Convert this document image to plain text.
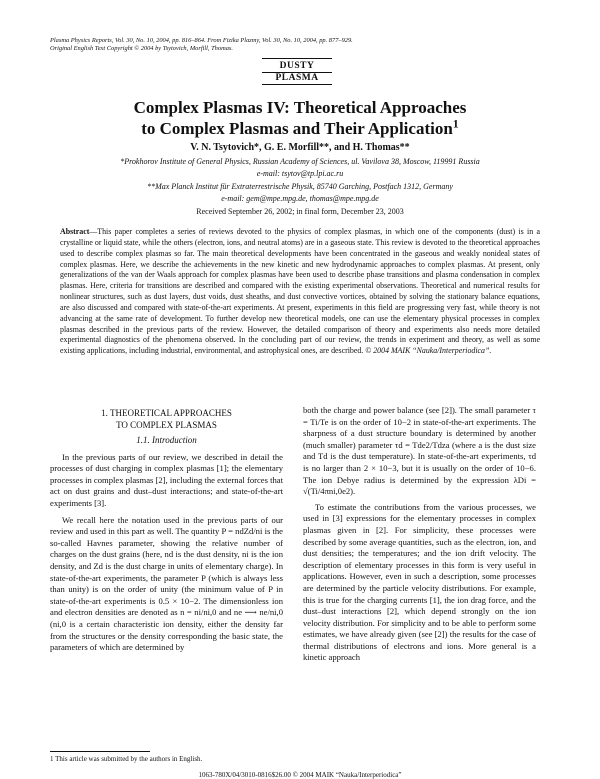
Plasma Physics Reports, Vol. 30, No. 10, 2004, pp. 816–864. From Fizika Plazmy, Vol. 30, No. 10, 2004, pp. 877–929.
Original English Text Copyright © 2004 by Tsytovich, Morfill, Thomas.
DUSTY
PLASMA
Complex Plasmas IV: Theoretical Approaches
to Complex Plasmas and Their Application$^1$
V. N. Tsytovich*, G. E. Morfill**, and H. Thomas**
*Prokhorov Institute of General Physics, Russian Academy of Sciences, ul. Vavilova 38, Moscow, 119991 Russia
e-mail: tsytov@tp.lpi.ac.ru
**Max Planck Institut für Extraterrestrische Physik, 85740 Garching, Postfach 1312, Germany
e-mail: gem@mpe.mpg.de, thomas@mpe.mpg.de
Received September 26, 2002; in final form, December 23, 2003
Abstract—This paper completes a series of reviews devoted to the physics of complex plasmas, in which one of the components (dust) is in a crystalline or liquid state, while the others (electron, ions, and neutral atoms) are in a gaseous state. This review is devoted to the theoretical approaches used to describe complex plasmas so far. The main theoretical developments have been concentrated in the gaseous and weakly nonideal states of complex plasmas. Here, we describe the achievements in the new kinetic and new hydrodynamic approaches to complex plasmas. At present, only generalizations of the van der Waals approach for complex plasmas have been used to describe phase transitions and plasma condensation in complex plasmas. Here, criteria for transitions are described and compared with the existing experimental observations. Theoretical and numerical results for nonlinear structures, such as dust layers, dust voids, dust sheaths, and dust convective vortices, obtained by solving the stationary balance equations, are also discussed and compared with state-of-the-art experiments. At present, experiments in this field are progressing very fast, while theory is not advancing at the same rate of development. To further develop new theoretical models, one can use the elementary physical processes in complex plasmas described in the previous parts of the review. However, the detailed comparison of theory and experiments also needs more detailed experimental diagnostics of the phenomena observed. In the concluding part of our review, the trends in experiment and theory, as well as some existing applications, including industrial, environmental, and astrophysical ones, are described. © 2004 MAIK “Nauka/Interperiodica”.
1. THEORETICAL APPROACHES
TO COMPLEX PLASMAS
1.1. Introduction

In the previous parts of our review, we described in detail the processes of dust charging in complex plasmas [1]; the elementary processes in complex plasmas [2], including the external forces that act on dust grains and dust–dust interactions; and state-of-the-art experiments [3].

We recall here the notation used in the previous parts of our review and used in this part as well. The quantity P = ndZd/ni is the so-called Havnes parameter, showing the relative number of charges on the dust grains (here, nd is the dust density, ni is the ion density, and Zd is the dust charge in units of elementary charge). In state-of-the-art experiments, the parameter P (which is always less than unity) is on the order of unity (the minimum value of P in state-of-the-art experiments is 0.5 × 10−2. The dimensionless ion and electron densities are denoted as n = ni/ni,0 and ne ⟶ ne/ni,0 (ni,0 is a certain characteristic ion density, either the density far from the structures or the density corresponding the basic state, the parameters of which are determined by

both the charge and power balance (see [2]). The small parameter τ = Ti/Te is on the order of 10−2 in state-of-the-art experiments. The sharpness of a dust structure boundary is determined by another (much smaller) parameter τd = Tde2/Tdza (where a is the dust size and Td is the dust temperature). In state-of-the-art experiments, τd is no larger than 2 × 10−3, but it is usually on the order of 10−6. The ion Debye radius is determined by the expression λDi = √(Ti/4πni,0e2).

To estimate the contributions from the various processes, we used in [3] expressions for the elementary processes in complex plasmas given in [2]. For simplicity, these processes were described by some average quantities, such as the electron, ion, and dust densities; the temperatures; and the ion drift velocity. The description of elementary processes in this form is very useful in applications. However, even in such a description, some processes are determined by the particle velocity distributions. For example, this is true for the charging currents [1], the ion drag force, and the dust–dust interactions [2], which depend strongly on the ion velocity distribution. For simplicity and to be able to perform some estimates, we have already given (see [2]) the results for the case of thermal distributions of electrons and ions. More general is a kinetic approach

1 This article was submitted by the authors in English.
1063-780X/04/3010-0816$26.00 © 2004 MAIK “Nauka/Interperiodica”
